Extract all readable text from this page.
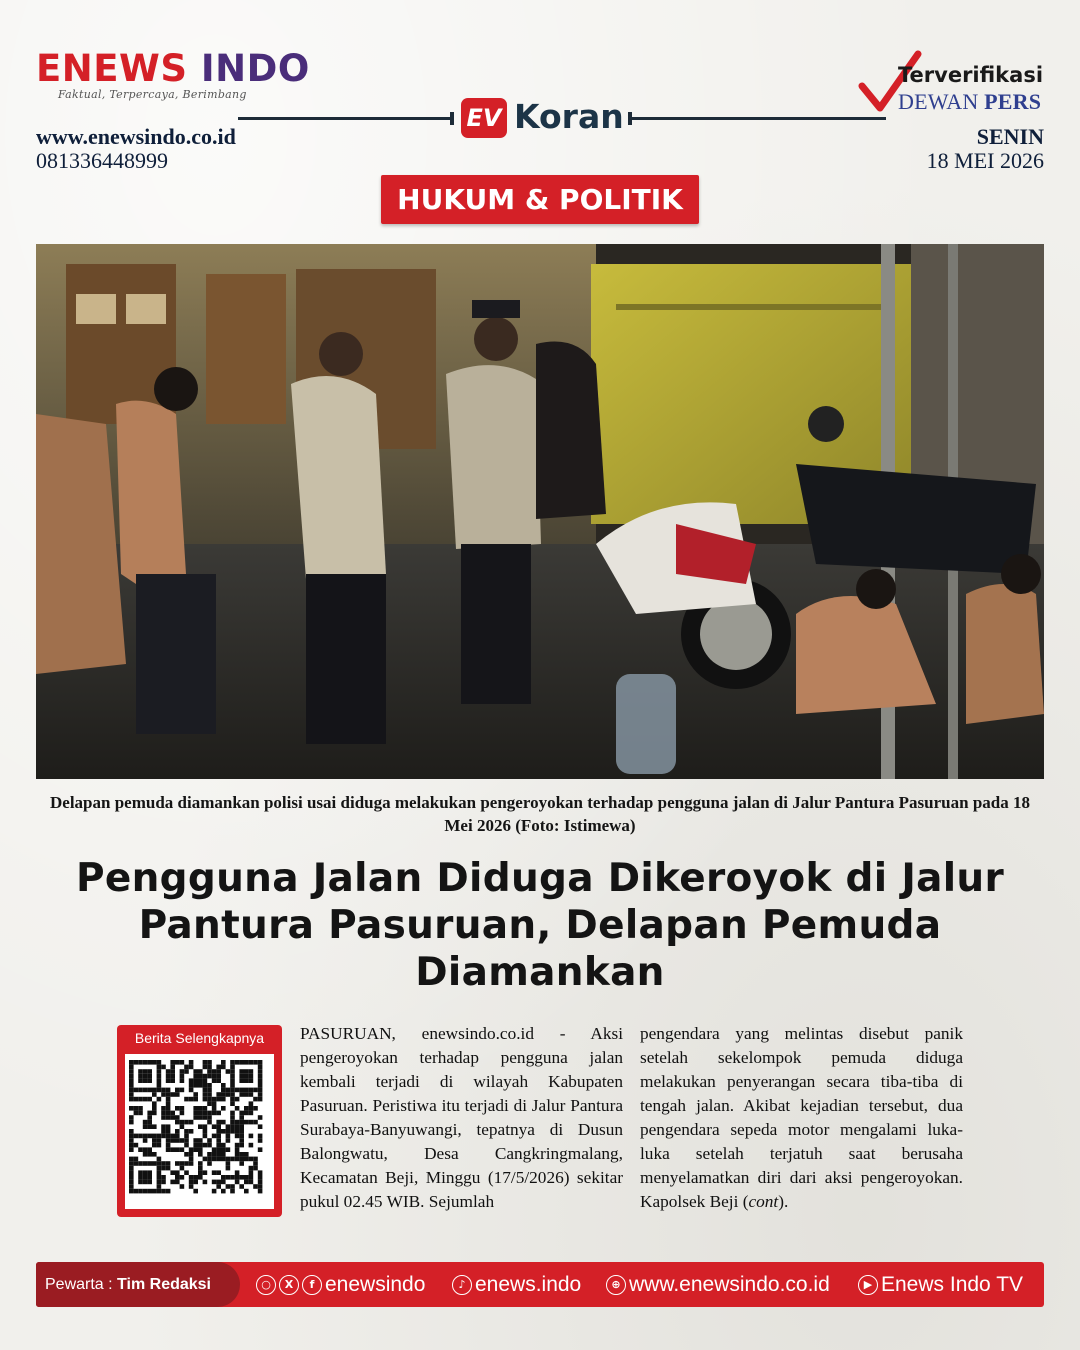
ENEWS INDO
Faktual, Terpercaya, Berimbang
www.enewsindo.co.id
081336448999
EV Koran
Terverifikasi
DEWAN PERS
SENIN
18 MEI 2026
HUKUM & POLITIK
Delapan pemuda diamankan polisi usai diduga melakukan pengeroyokan terhadap pengguna jalan di Jalur Pantura Pasuruan pada 18 Mei 2026 (Foto: Istimewa)
Pengguna Jalan Diduga Dikeroyok di Jalur Pantura Pasuruan, Delapan Pemuda Diamankan
Berita Selengkapnya	PASURUAN, enewsindo.co.id - Aksi pengeroyokan terhadap pengguna jalan kembali terjadi di wilayah Kabupaten Pasuruan. Peristiwa itu terjadi di Jalur Pantura Surabaya-Banyuwangi, tepatnya di Dusun Balongwatu, Desa Cangkringmalang, Kecamatan Beji, Minggu (17/5/2026) sekitar pukul 02.45 WIB. Sejumlah
pengendara yang melintas disebut panik setelah sekelompok pemuda diduga melakukan penyerangan secara tiba-tiba di tengah jalan. Akibat kejadian tersebut, dua pengendara sepeda motor mengalami luka-luka setelah terjatuh saat berusaha menyelamatkan diri dari aksi pengeroyokan. Kapolsek Beji (cont).
Pewarta : Tim Redaksi	○	X	f enewsindo	♪ enews.indo	⊕ www.enewsindo.co.id	▶ Enews Indo TV
